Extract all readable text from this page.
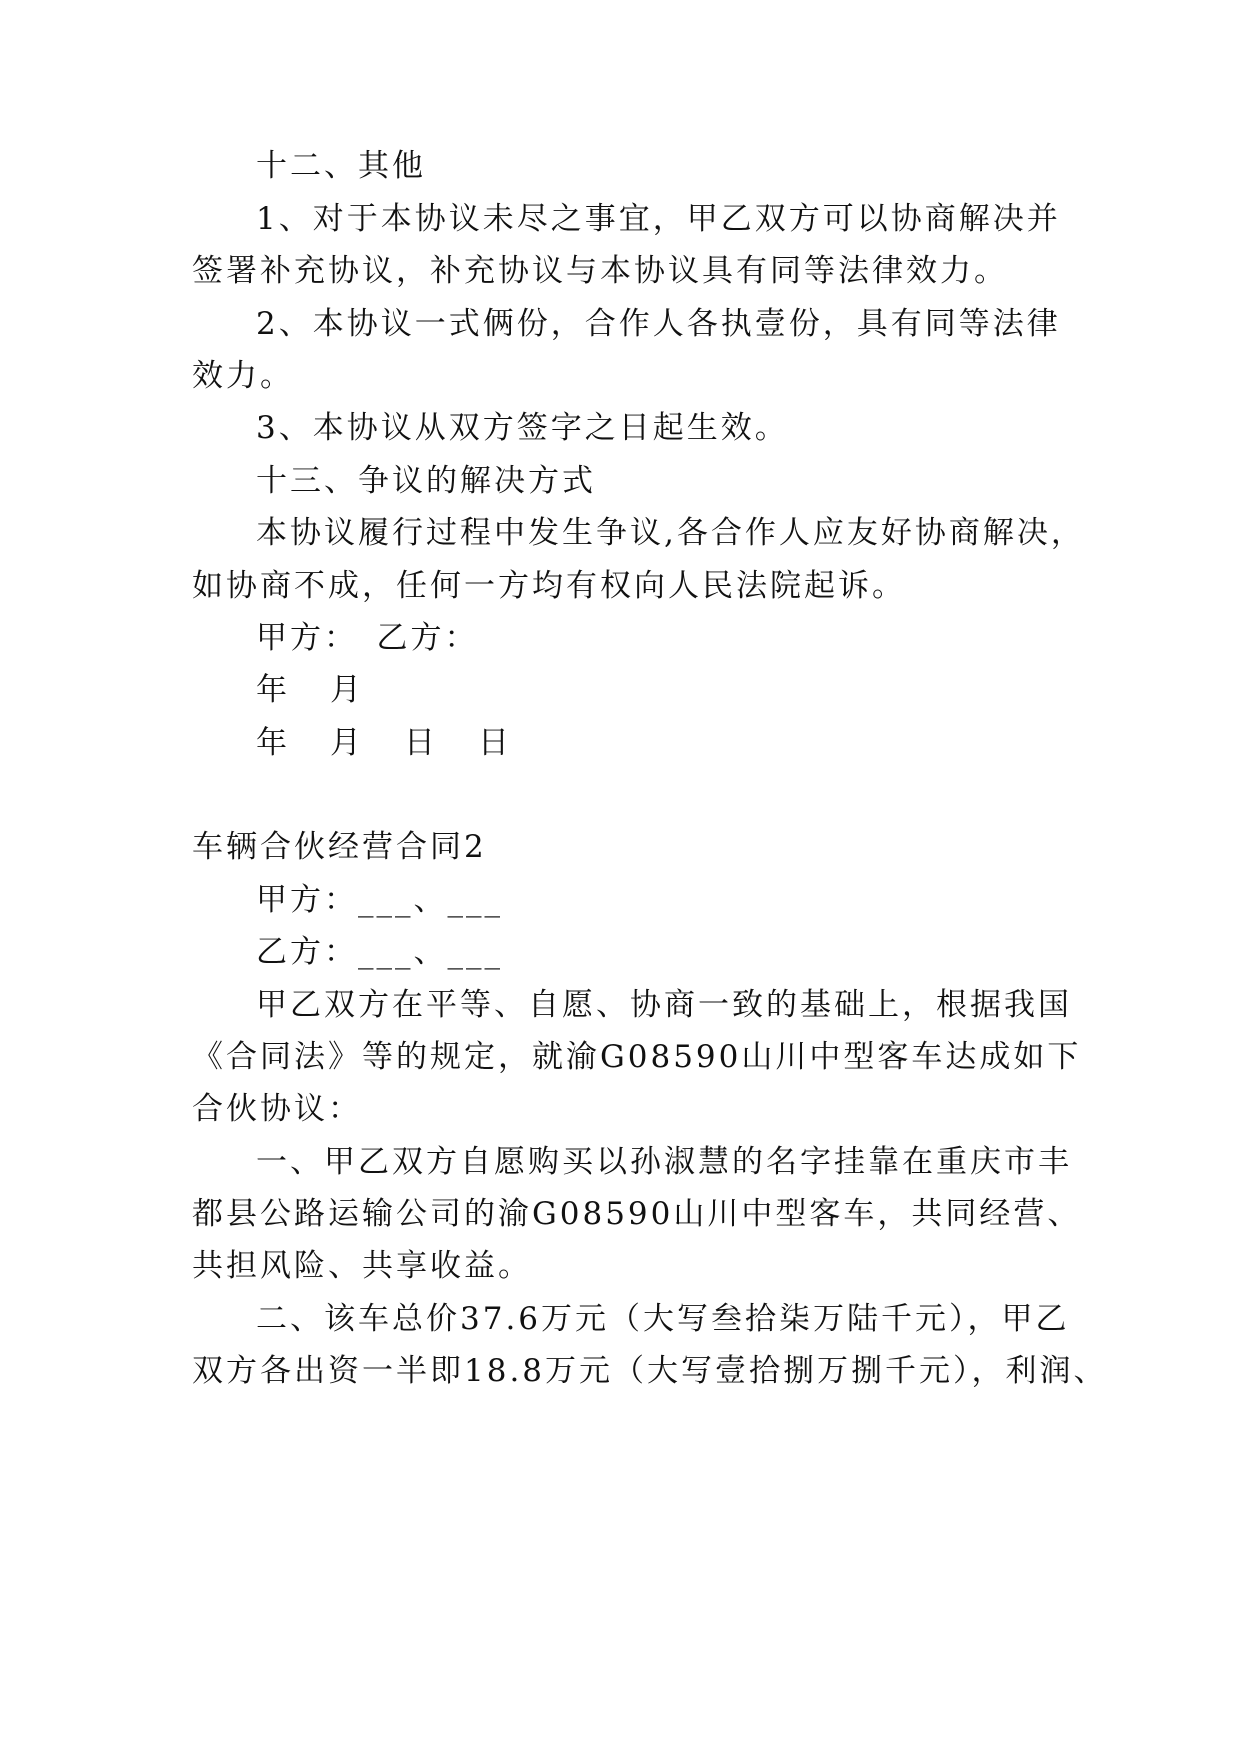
十二、其他
1、对于本协议未尽之事宜，甲乙双方可以协商解决并
签署补充协议，补充协议与本协议具有同等法律效力。
2、本协议一式俩份，合作人各执壹份，具有同等法律
效力。
3、本协议从双方签字之日起生效。
十三、争议的解决方式
本协议履行过程中发生争议,各合作人应友好协商解决，
如协商不成，任何一方均有权向人民法院起诉。
甲方：　乙方：
年　月
年　月　日　日
车辆合伙经营合同2
甲方：___、___
乙方：___、___
甲乙双方在平等、自愿、协商一致的基础上，根据我国
《合同法》等的规定，就渝G08590山川中型客车达成如下
合伙协议：
一、甲乙双方自愿购买以孙淑慧的名字挂靠在重庆市丰
都县公路运输公司的渝G08590山川中型客车，共同经营、
共担风险、共享收益。
二、该车总价37.6万元（大写叁拾柒万陆千元），甲乙
双方各出资一半即18.8万元（大写壹拾捌万捌千元），利润、
